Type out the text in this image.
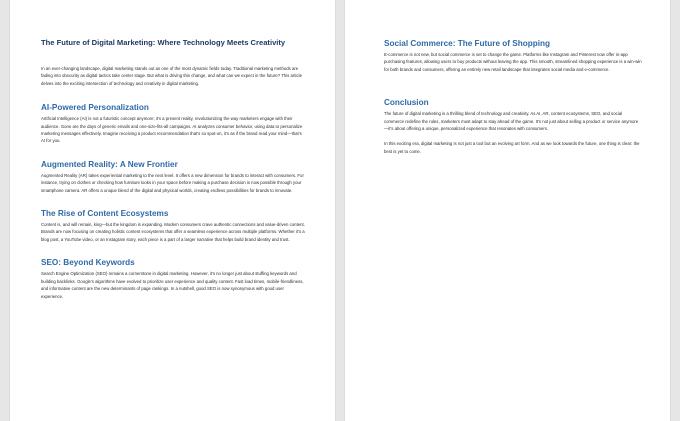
The Future of Digital Marketing: Where Technology Meets Creativity

In an ever-changing landscape, digital marketing stands out as one of the most dynamic fields today. Traditional marketing methods are fading into obscurity as digital tactics take center stage. But what is driving this change, and what can we expect in the future? This article delves into the exciting intersection of technology and creativity in digital marketing.

AI-Powered Personalization

Artificial Intelligence (AI) is not a futuristic concept anymore; it's a present reality, revolutionizing the way marketers engage with their audience. Gone are the days of generic emails and one-size-fits-all campaigns. AI analyzes consumer behavior, using data to personalize marketing messages effectively. Imagine receiving a product recommendation that's so spot-on, it's as if the brand read your mind—that's AI for you.

Augmented Reality: A New Frontier

Augmented Reality (AR) takes experiential marketing to the next level. It offers a new dimension for brands to interact with consumers. For instance, trying on clothes or checking how furniture looks in your space before making a purchase decision is now possible through your smartphone camera. AR offers a unique blend of the digital and physical worlds, creating endless possibilities for brands to innovate.

The Rise of Content Ecosystems

Content is, and will remain, king—but the kingdom is expanding. Modern consumers crave authentic connections and value-driven content. Brands are now focusing on creating holistic content ecosystems that offer a seamless experience across multiple platforms. Whether it's a blog post, a YouTube video, or an Instagram story, each piece is a part of a larger narrative that helps build brand identity and trust.

SEO: Beyond Keywords

Search Engine Optimization (SEO) remains a cornerstone in digital marketing. However, it's no longer just about stuffing keywords and building backlinks. Google's algorithms have evolved to prioritize user experience and quality content. Fast load times, mobile-friendliness, and informative content are the new determinants of page rankings. In a nutshell, good SEO is now synonymous with good user experience.

Social Commerce: The Future of Shopping

E-commerce is not new, but social commerce is set to change the game. Platforms like Instagram and Pinterest now offer in-app purchasing features, allowing users to buy products without leaving the app. This smooth, streamlined shopping experience is a win-win for both brands and consumers, offering an entirely new retail landscape that integrates social media and e-commerce.

Conclusion

The future of digital marketing is a thrilling blend of technology and creativity. As AI, AR, content ecosystems, SEO, and social commerce redefine the rules, marketers must adapt to stay ahead of the game. It's not just about selling a product or service anymore—it's about offering a unique, personalized experience that resonates with consumers.

In this exciting era, digital marketing is not just a tool but an evolving art form. And as we look towards the future, one thing is clear: the best is yet to come.
